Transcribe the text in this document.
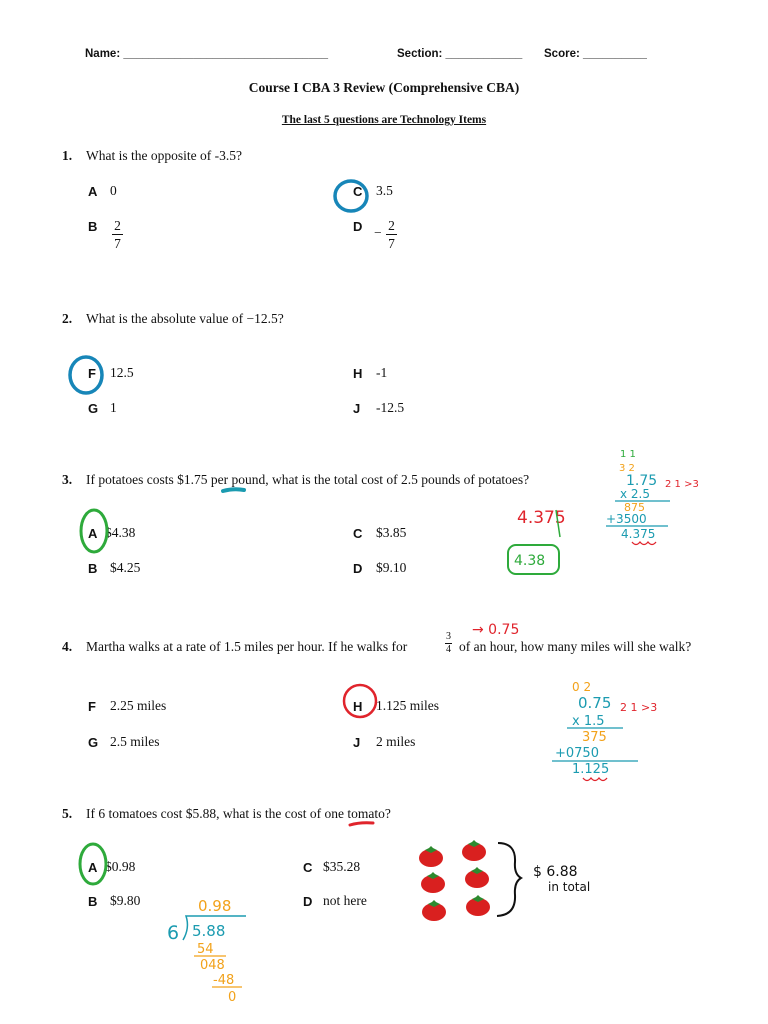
Name: ________________________________	Section: ____________ Score: __________
Course I CBA 3 Review (Comprehensive CBA)
The last 5 questions are Technology Items
1. What is the opposite of -3.5?
A 0	C 3.5
B 2
7
D − 2
7
2. What is the absolute value of −12.5?
F 12.5	H -1
G 1	J -12.5
3. If potatoes costs $1.75 per pound, what is the total cost of 2.5 pounds of potatoes?
A $4.38	C $3.85
B $4.25	D $9.10
4. Martha walks at a rate of 1.5 miles per hour. If he walks for
3
4 of an hour, how many miles will she walk?
F 2.25 miles	H 1.125 miles
G 2.5 miles	J 2 miles
5. If 6 tomatoes cost $5.88, what is the cost of one tomato?
A $0.98	C $35.28
B $9.80	D not here
4.375
4.38
1 1
3 2
1.75 2 1 >3
x 2.5
875
+3500
4.375
→ 0.75
0 2
0.75 2 1 >3
x 1.5
375
+0750
1.125
$ 6.88
in total
0.98
6 5.88
54
048
-48
0
